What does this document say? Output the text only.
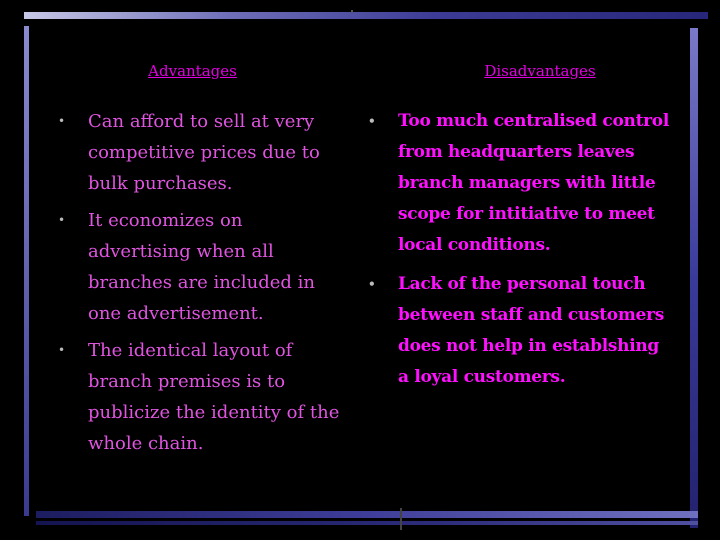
Advantages	Disadvantages
• Can afford to sell at very competitive prices due to bulk purchases.
• It economizes on advertising when all branches are included in one advertisement.
• The identical layout of branch premises is to publicize the identity of the whole chain.
• Too much centralised control from headquarters leaves branch managers with little scope for intitiative to meet local conditions.
• Lack of the personal touch between staff and customers does not help in establshing a loyal customers.
